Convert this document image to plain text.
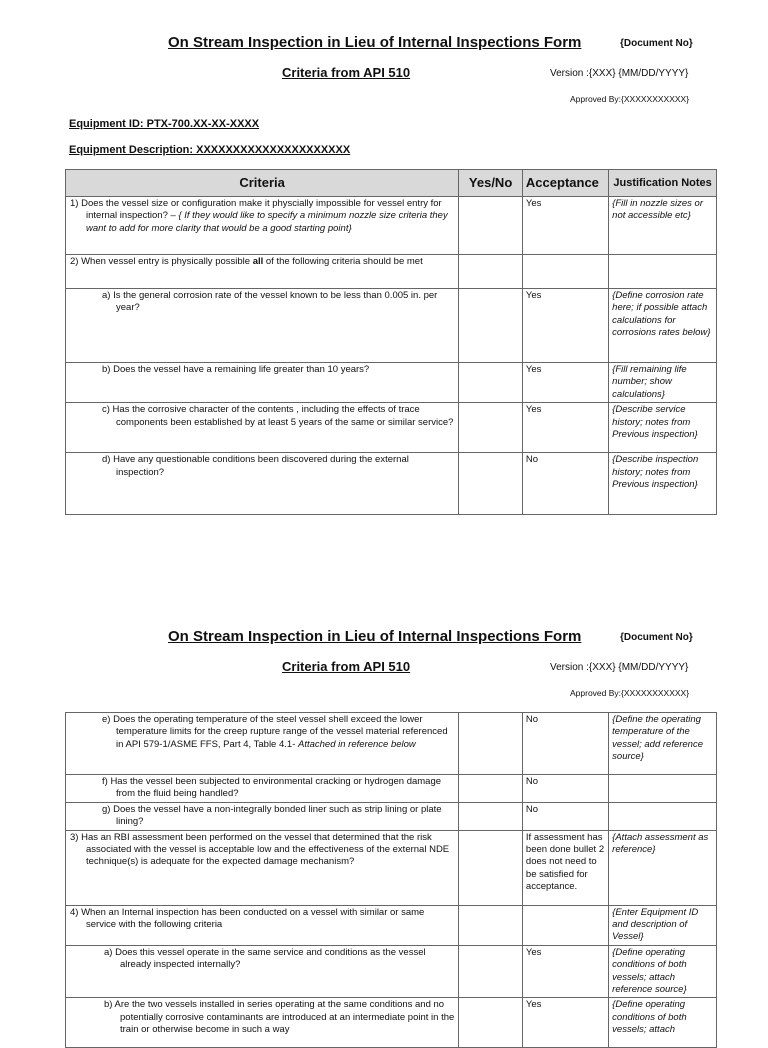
On Stream Inspection in Lieu of Internal Inspections Form	{Document No}
Criteria from API 510	Version :{XXX} {MM/DD/YYYY}
Approved By:{XXXXXXXXXXX}
Equipment ID: PTX-700.XX-XX-XXXX
Equipment Description: XXXXXXXXXXXXXXXXXXXXX
Criteria	Yes/No	Acceptance	Justification Notes
1) Does the vessel size or configuration make it physcially impossible for vessel entry for internal inspection? – { If they would like to specify a minimum nozzle size criteria they want to add for more clarity that would be a good starting point}		Yes	{Fill in nozzle sizes or not accessible etc}
2) When vessel entry is physically possible all of the following criteria should be met			
a) Is the general corrosion rate of the vessel known to be less than 0.005 in. per year?		Yes	{Define corrosion rate here; if possible attach calculations for corrosions rates below}
b) Does the vessel have a remaining life greater than 10 years?		Yes	{Fill remaining life number; show calculations}
c) Has the corrosive character of the contents , including the effects of trace components been established by at least 5 years of the same or similar service?		Yes	{Describe service history; notes from Previous inspection}
d) Have any questionable conditions been discovered during the external inspection?		No	{Describe inspection history; notes from Previous inspection}
On Stream Inspection in Lieu of Internal Inspections Form	{Document No}
Criteria from API 510	Version :{XXX} {MM/DD/YYYY}
Approved By:{XXXXXXXXXXX}
e) Does the operating temperature of the steel vessel shell exceed the lower temperature limits for the creep rupture range of the vessel material referenced in API 579-1/ASME FFS, Part 4, Table 4.1- Attached in reference below		No	{Define the operating temperature of the vessel; add reference source}
f) Has the vessel been subjected to environmental cracking or hydrogen damage from the fluid being handled?		No	
g) Does the vessel have a non-integrally bonded liner such as strip lining or plate lining?		No	
3) Has an RBI assessment been performed on the vessel that determined that the risk associated with the vessel is acceptable low and the effectiveness of the external NDE technique(s) is adequate for the expected damage mechanism?		If assessment has been done bullet 2 does not need to be satisfied for acceptance.	{Attach assessment as reference}
4) When an Internal inspection has been conducted on a vessel with similar or same service with the following criteria			{Enter Equipment ID and description of Vessel}
a) Does this vessel operate in the same service and conditions as the vessel already inspected internally?		Yes	{Define operating conditions of both vessels; attach reference source}
b) Are the two vessels installed in series operating at the same conditions and no potentially corrosive contaminants are introduced at an intermediate point in the train or otherwise become in such a way		Yes	{Define operating conditions of both vessels; attach
